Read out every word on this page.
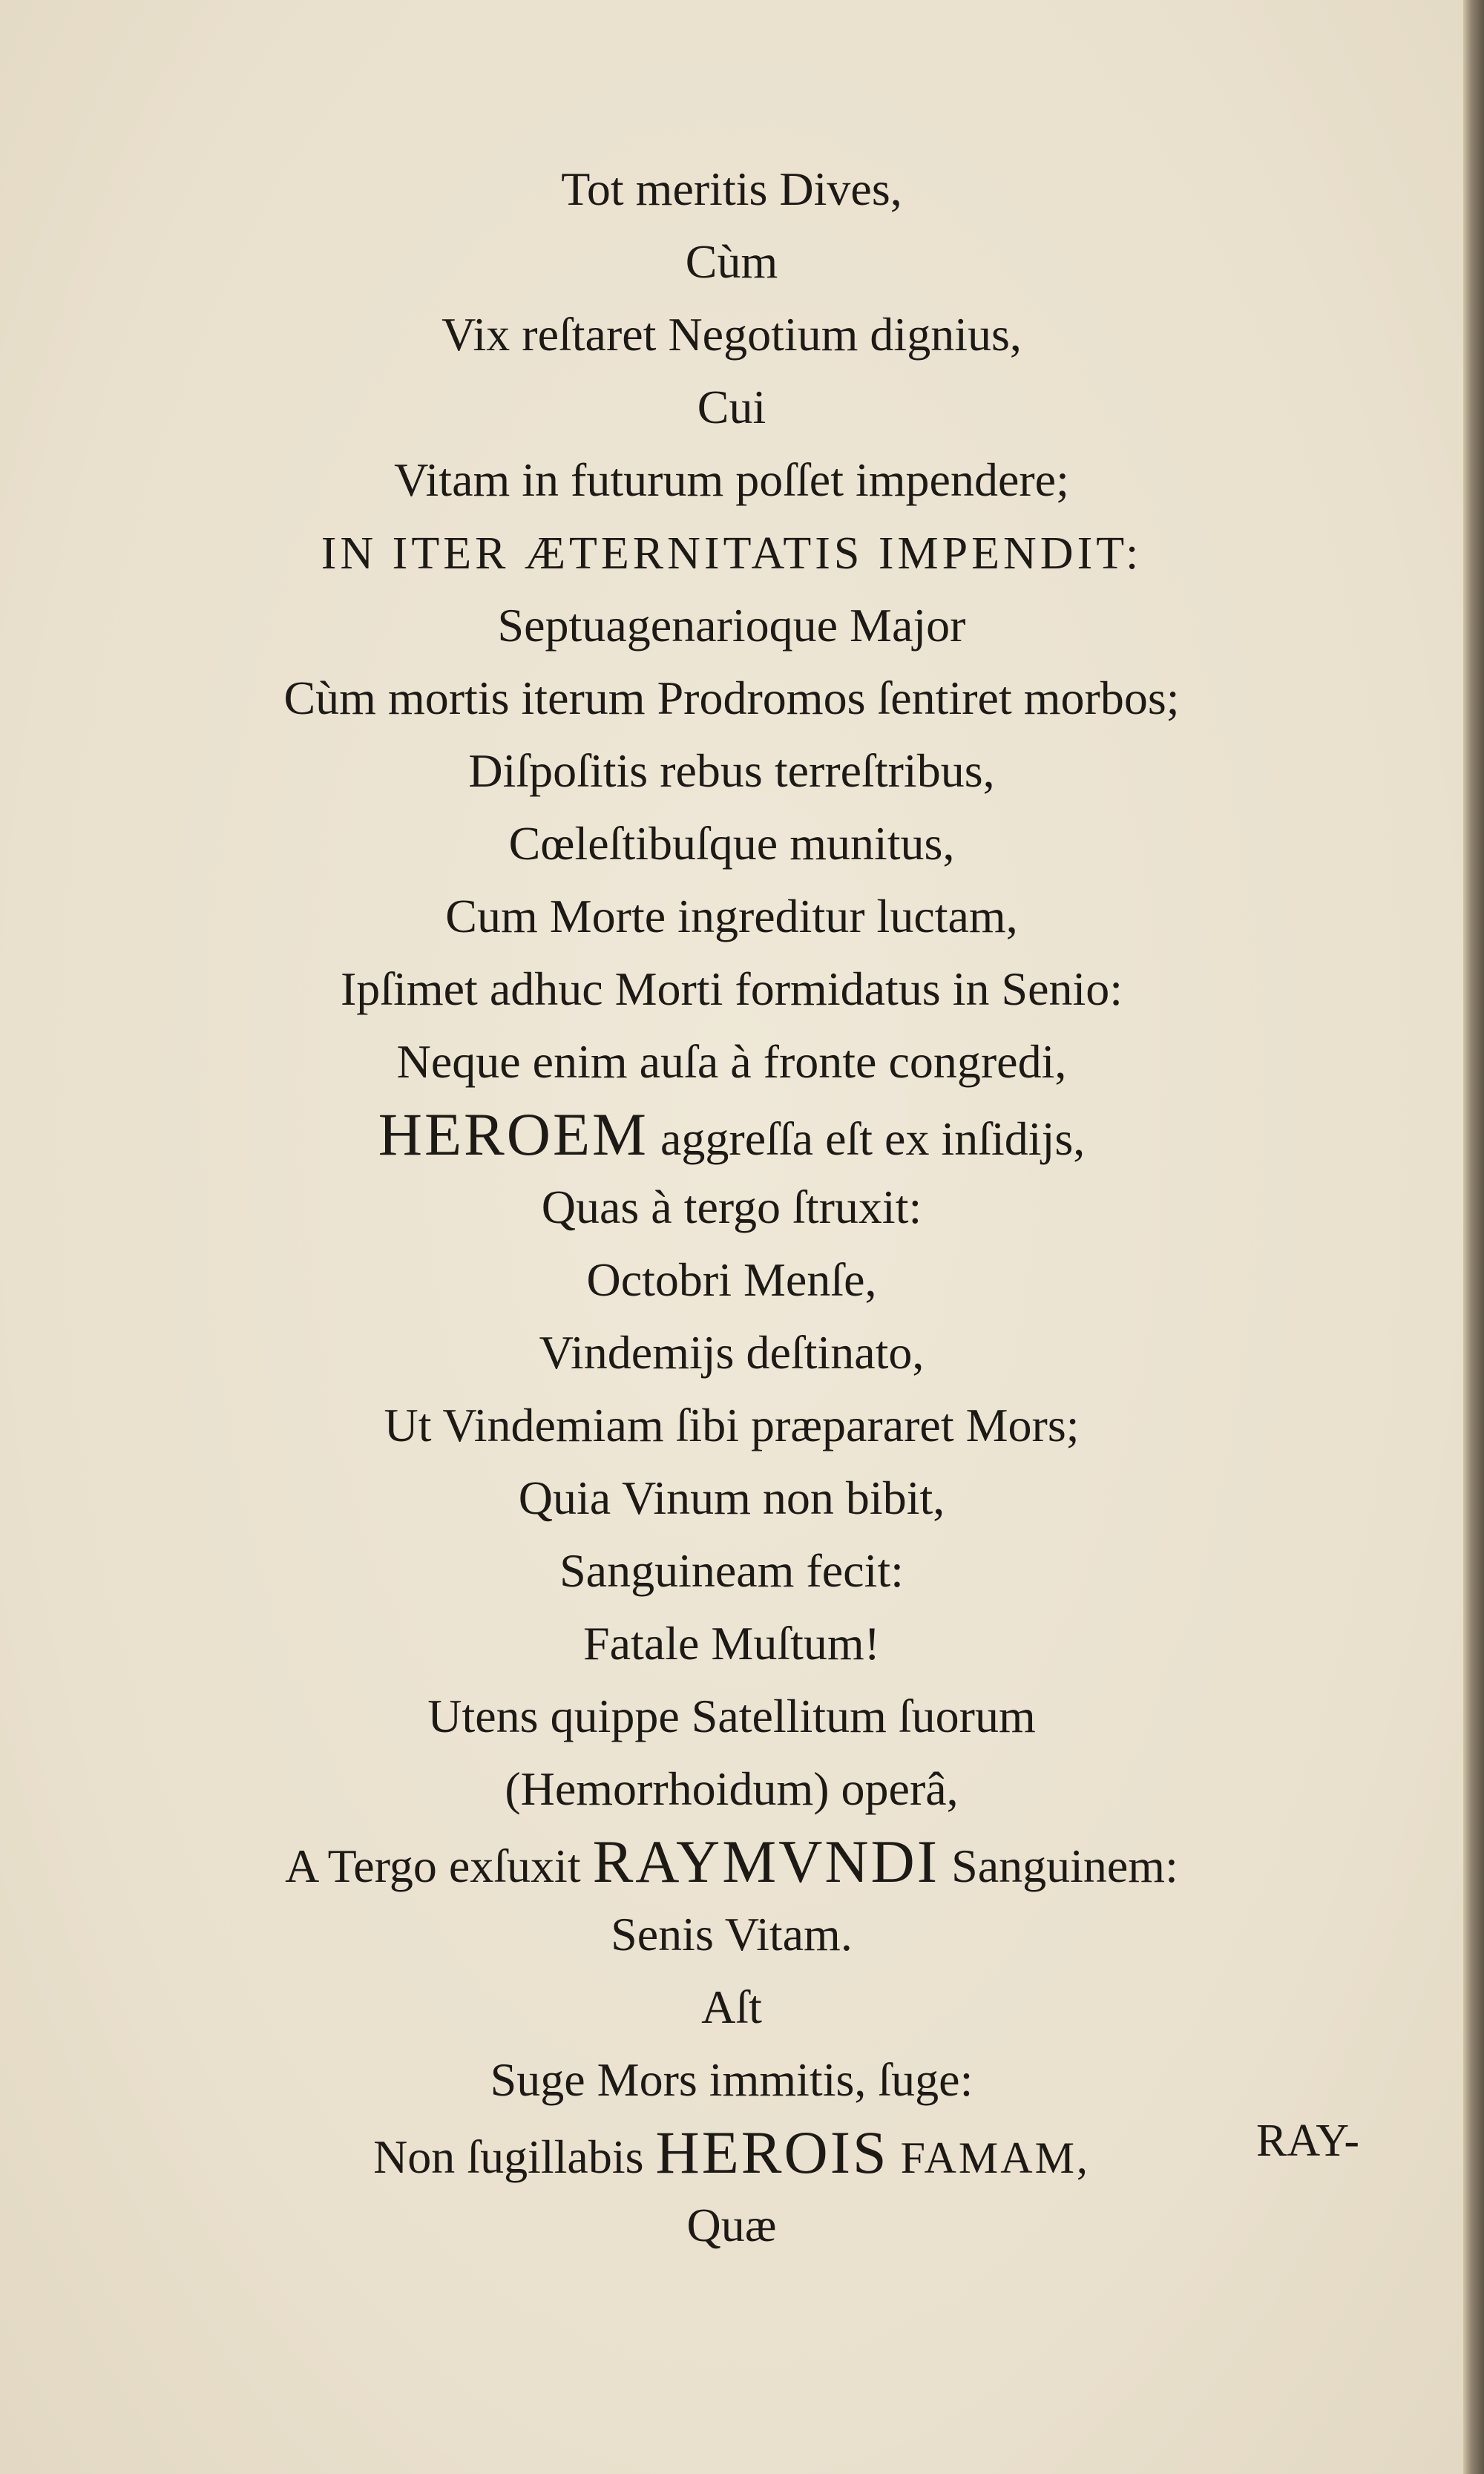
Tot meritis Dives,
Cùm
Vix reſtaret Negotium dignius,
Cui
Vitam in futurum poſſet impendere;
IN ITER ÆTERNITATIS IMPENDIT:
Septuagenarioque Major
Cùm mortis iterum Prodromos ſentiret morbos;
Diſpoſitis rebus terreſtribus,
Cœleſtibuſque munitus,
Cum Morte ingreditur luctam,
Ipſimet adhuc Morti formidatus in Senio:
Neque enim auſa à fronte congredi,
HEROEM aggreſſa eſt ex inſidijs,
Quas à tergo ſtruxit:
Octobri Menſe,
Vindemijs deſtinato,
Ut Vindemiam ſibi præpararet Mors;
Quia Vinum non bibit,
Sanguineam fecit:
Fatale Muſtum!
Utens quippe Satellitum ſuorum
(Hemorrhoidum) operâ,
A Tergo exſuxit RAYMVNDI Sanguinem:
Senis Vitam.
Aſt
Suge Mors immitis, ſuge:
Non ſugillabis HEROIS FAMAM,
Quæ
RAY-
